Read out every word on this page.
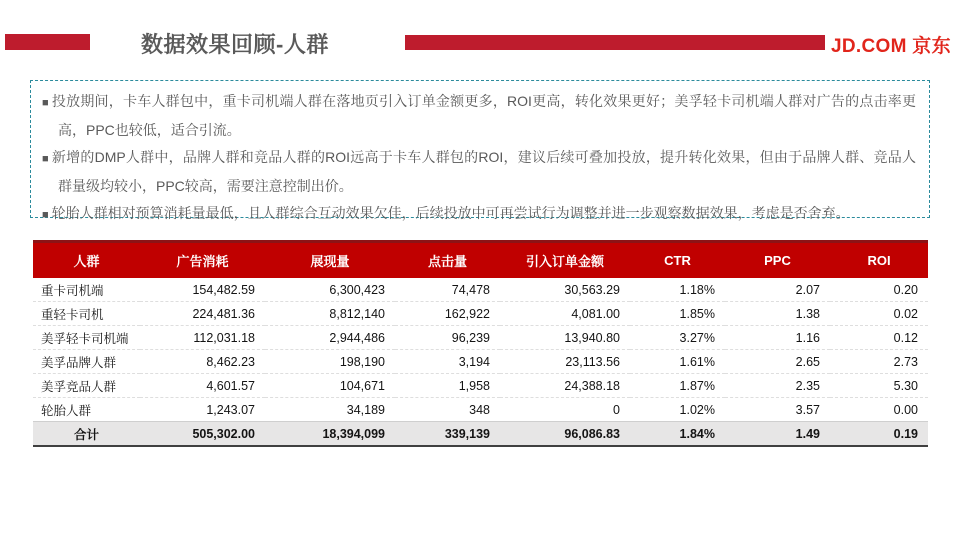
数据效果回顾-人群	JD.COM 京东
■ 投放期间，卡车人群包中，重卡司机端人群在落地页引入订单金额更多，ROI更高，转化效果更好；美孚轻卡司机端人群对广告的点击率更高，PPC也较低，适合引流。
■ 新增的DMP人群中，品牌人群和竞品人群的ROI远高于卡车人群包的ROI，建议后续可叠加投放，提升转化效果，但由于品牌人群、竞品人群量级均较小，PPC较高，需要注意控制出价。
■ 轮胎人群相对预算消耗量最低，且人群综合互动效果欠佳，后续投放中可再尝试行为调整并进一步观察数据效果，考虑是否舍弃。
人群	广告消耗	展现量	点击量	引入订单金额	CTR	PPC	ROI
重卡司机端	154,482.59	6,300,423	74,478	30,563.29	1.18%	2.07	0.20
重轻卡司机	224,481.36	8,812,140	162,922	4,081.00	1.85%	1.38	0.02
美孚轻卡司机端	112,031.18	2,944,486	96,239	13,940.80	3.27%	1.16	0.12
美孚品牌人群	8,462.23	198,190	3,194	23,113.56	1.61%	2.65	2.73
美孚竞品人群	4,601.57	104,671	1,958	24,388.18	1.87%	2.35	5.30
轮胎人群	1,243.07	34,189	348	0	1.02%	3.57	0.00
合计	505,302.00	18,394,099	339,139	96,086.83	1.84%	1.49	0.19
